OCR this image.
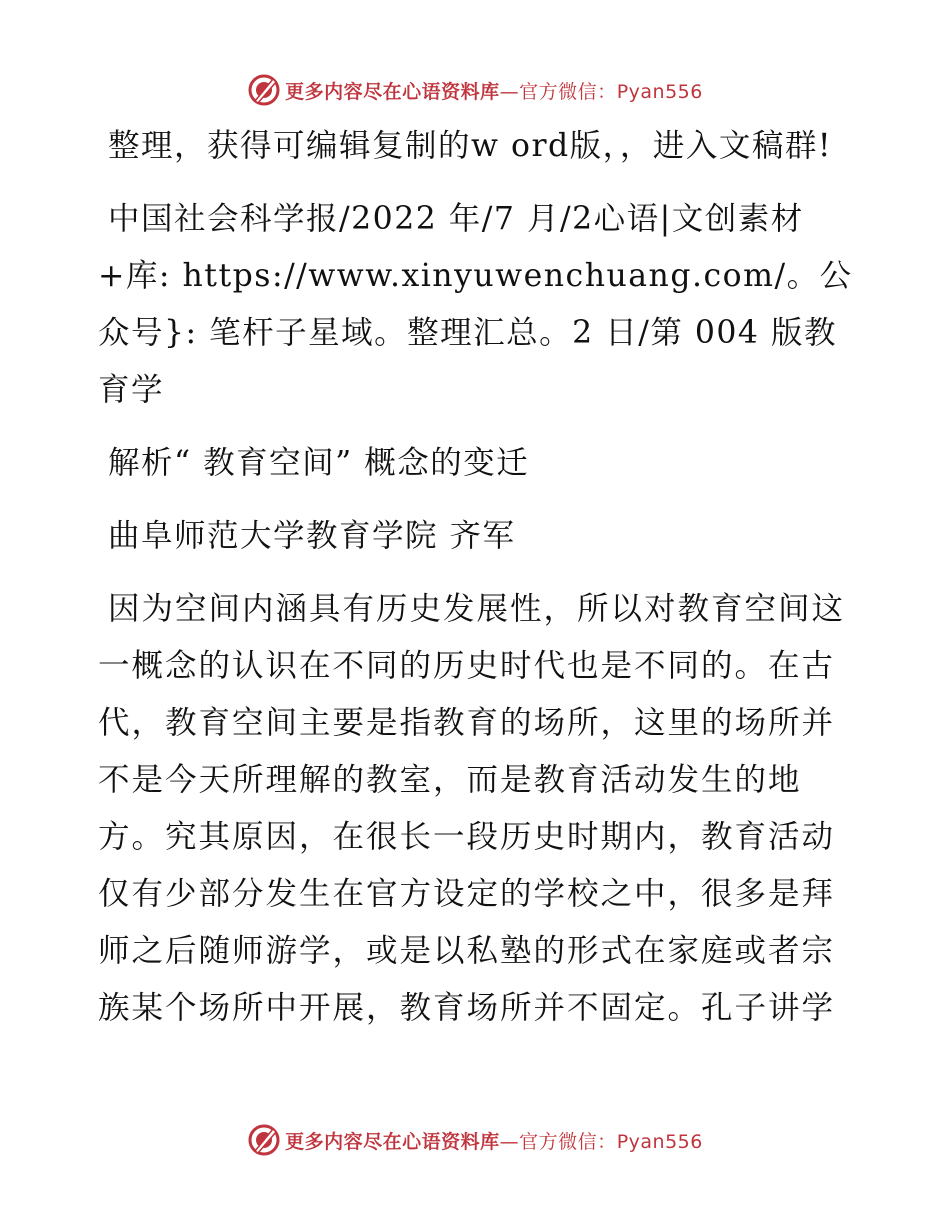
更多内容尽在心语资料库—官方微信：Pyan556

整理，获得可编辑复制的w ord版，，进入文稿群!

中国社会科学报/2022 年/7 月/2心语|文创素材+库: https://www.xinyuwenchuang.com/。公众号}: 笔杆子星域。整理汇总。2 日/第 004 版教育学

解析“ 教育空间” 概念的变迁

曲阜师范大学教育学院 齐军

因为空间内涵具有历史发展性，所以对教育空间这一概念的认识在不同的历史时代也是不同的。在古代，教育空间主要是指教育的场所，这里的场所并不是今天所理解的教室，而是教育活动发生的地方。究其原因，在很长一段历史时期内，教育活动仅有少部分发生在官方设定的学校之中，很多是拜师之后随师游学，或是以私塾的形式在家庭或者宗族某个场所中开展，教育场所并不固定。孔子讲学

更多内容尽在心语资料库—官方微信：Pyan556
